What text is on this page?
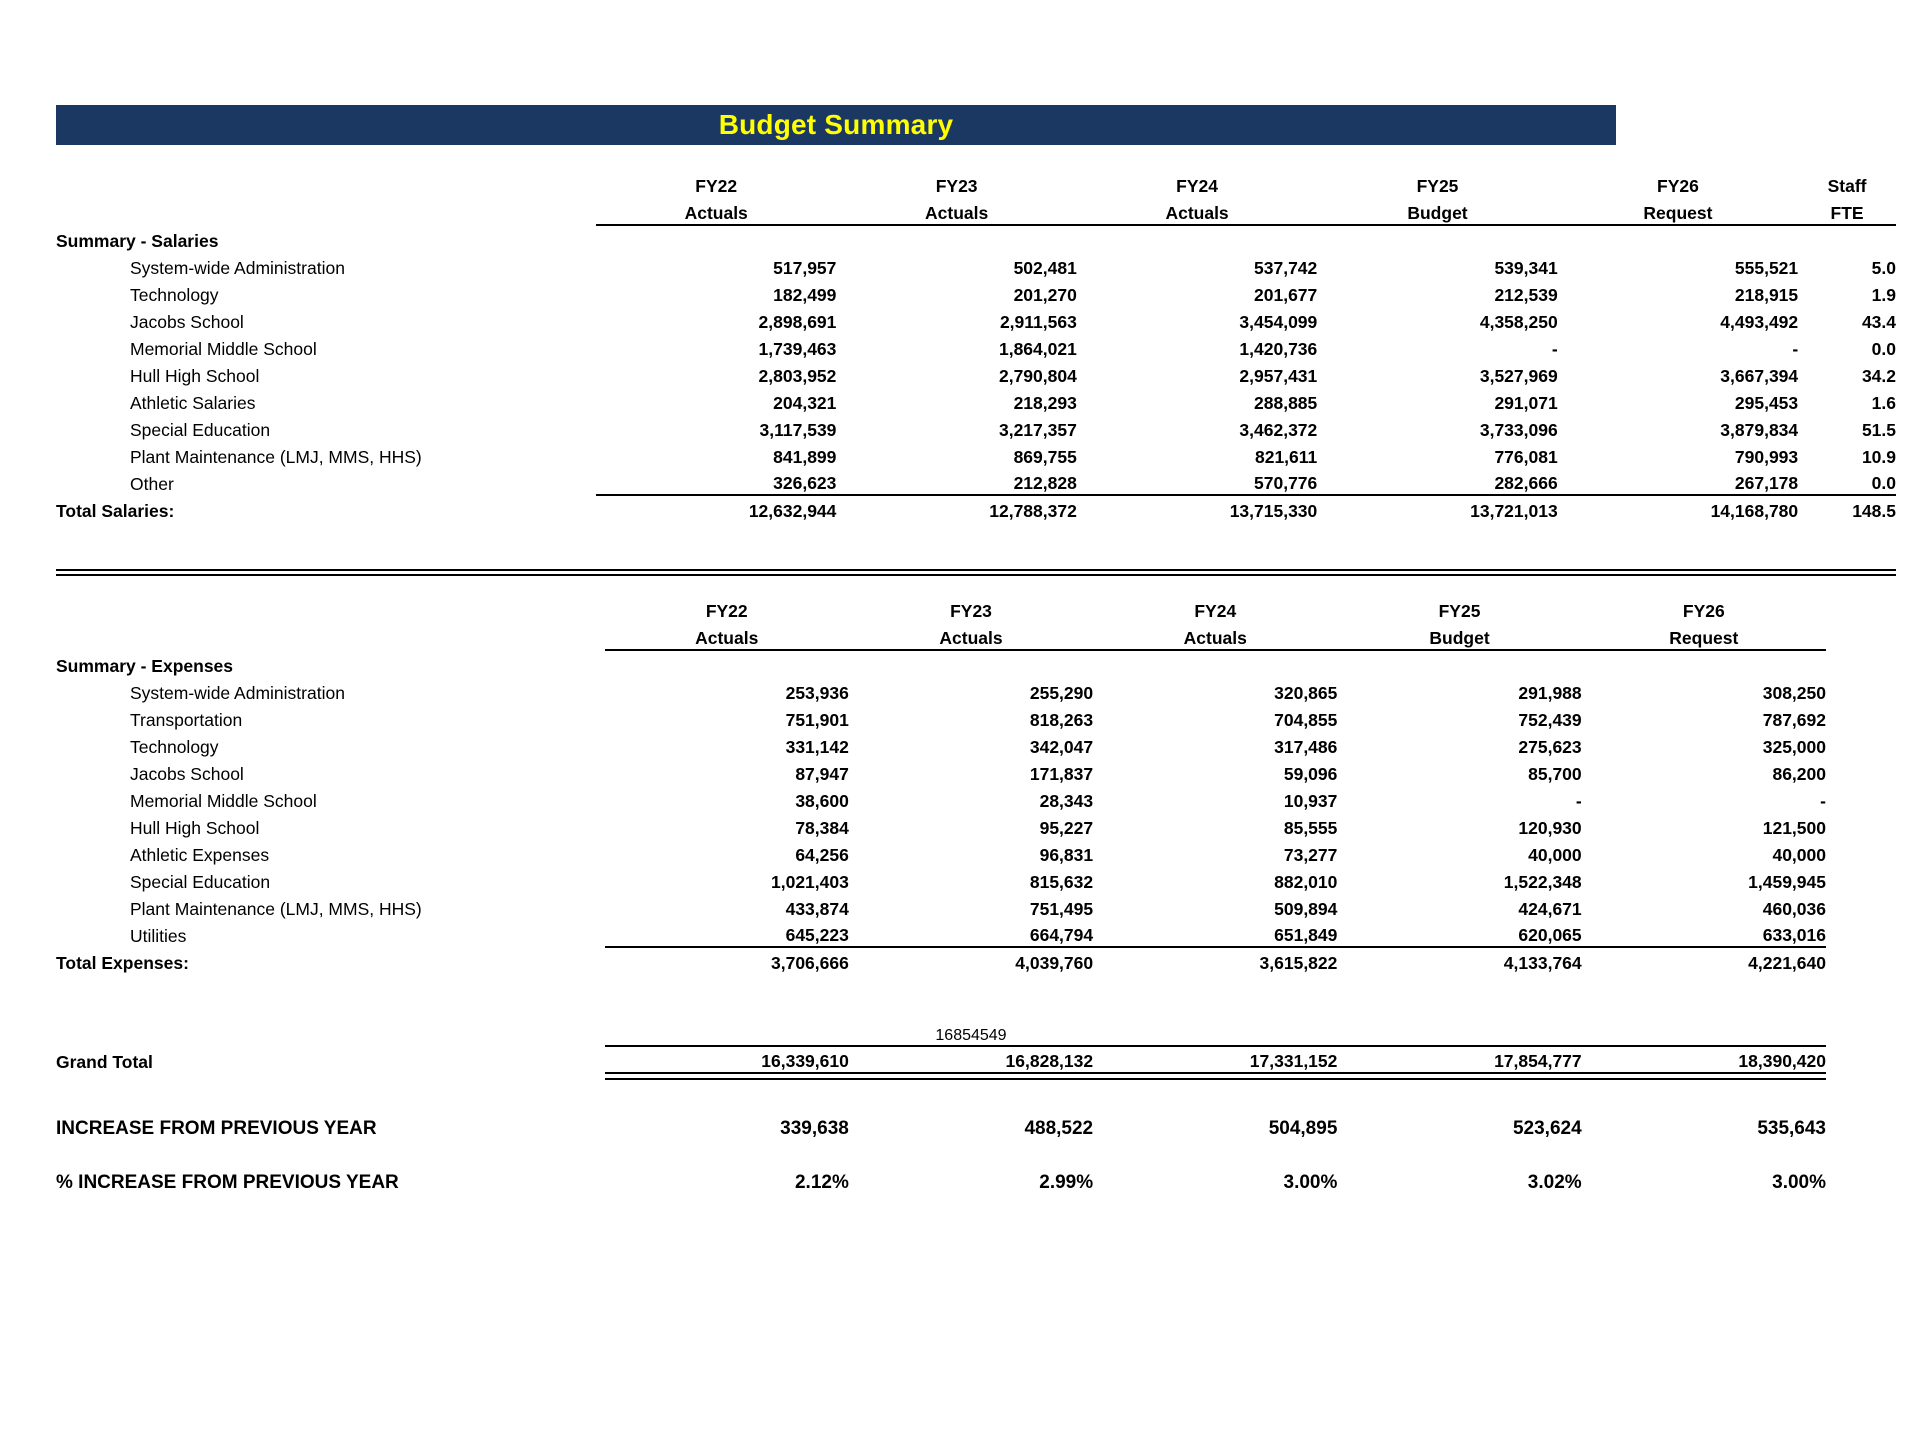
Budget Summary
	FY22	FY23	FY24	FY25	FY26	Staff
	Actuals	Actuals	Actuals	Budget	Request	FTE
Summary - Salaries						
System-wide Administration	517,957	502,481	537,742	539,341	555,521	5.0
Technology	182,499	201,270	201,677	212,539	218,915	1.9
Jacobs School	2,898,691	2,911,563	3,454,099	4,358,250	4,493,492	43.4
Memorial Middle School	1,739,463	1,864,021	1,420,736	-	-	0.0
Hull High School	2,803,952	2,790,804	2,957,431	3,527,969	3,667,394	34.2
Athletic Salaries	204,321	218,293	288,885	291,071	295,453	1.6
Special Education	3,117,539	3,217,357	3,462,372	3,733,096	3,879,834	51.5
Plant Maintenance (LMJ, MMS, HHS)	841,899	869,755	821,611	776,081	790,993	10.9
Other	326,623	212,828	570,776	282,666	267,178	0.0
Total Salaries:	12,632,944	12,788,372	13,715,330	13,721,013	14,168,780	148.5
	FY22	FY23	FY24	FY25	FY26
	Actuals	Actuals	Actuals	Budget	Request
Summary - Expenses					
System-wide Administration	253,936	255,290	320,865	291,988	308,250
Transportation	751,901	818,263	704,855	752,439	787,692
Technology	331,142	342,047	317,486	275,623	325,000
Jacobs School	87,947	171,837	59,096	85,700	86,200
Memorial Middle School	38,600	28,343	10,937	-	-
Hull High School	78,384	95,227	85,555	120,930	121,500
Athletic Expenses	64,256	96,831	73,277	40,000	40,000
Special Education	1,021,403	815,632	882,010	1,522,348	1,459,945
Plant Maintenance (LMJ, MMS, HHS)	433,874	751,495	509,894	424,671	460,036
Utilities	645,223	664,794	651,849	620,065	633,016
Total Expenses:	3,706,666	4,039,760	3,615,822	4,133,764	4,221,640
		16854549			
Grand Total	16,339,610	16,828,132	17,331,152	17,854,777	18,390,420

INCREASE FROM PREVIOUS YEAR	339,638	488,522	504,895	523,624	535,643

% INCREASE FROM PREVIOUS YEAR	2.12%	2.99%	3.00%	3.02%	3.00%
